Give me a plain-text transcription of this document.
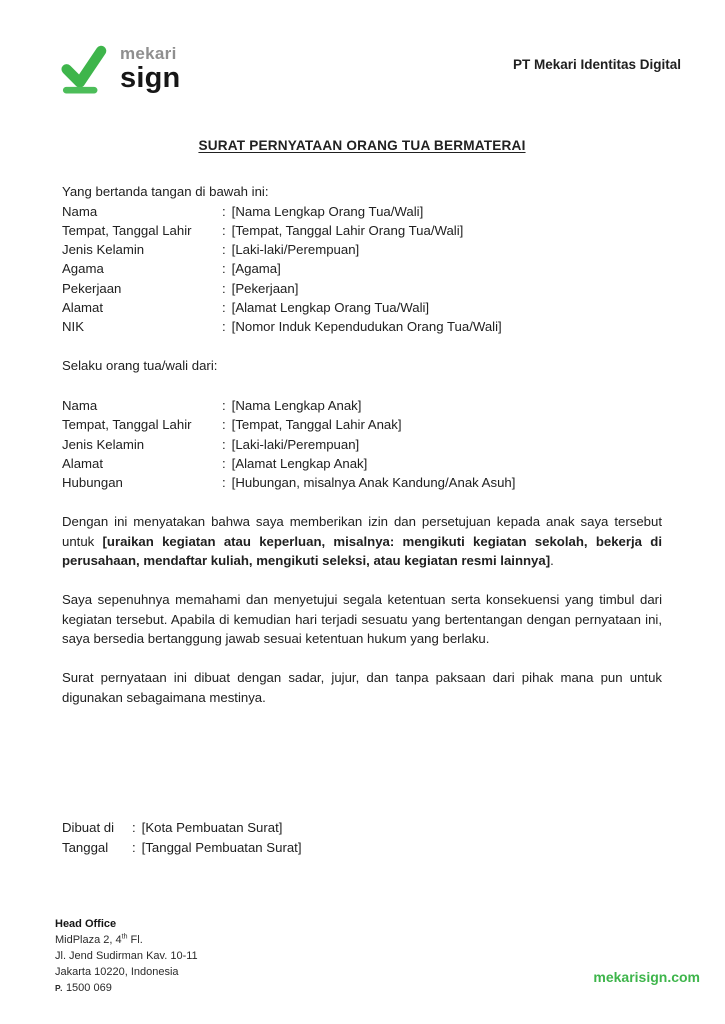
mekari
sign	PT Mekari Identitas Digital
SURAT PERNYATAAN ORANG TUA BERMATERAI

Yang bertanda tangan di bawah ini:

Nama	: [Nama Lengkap Orang Tua/Wali]
Tempat, Tanggal Lahir	: [Tempat, Tanggal Lahir Orang Tua/Wali]
Jenis Kelamin	: [Laki-laki/Perempuan]
Agama	: [Agama]
Pekerjaan	: [Pekerjaan]
Alamat	: [Alamat Lengkap Orang Tua/Wali]
NIK	: [Nomor Induk Kependudukan Orang Tua/Wali]

Selaku orang tua/wali dari:

Nama	: [Nama Lengkap Anak]
Tempat, Tanggal Lahir	: [Tempat, Tanggal Lahir Anak]
Jenis Kelamin	: [Laki-laki/Perempuan]
Alamat	: [Alamat Lengkap Anak]
Hubungan	: [Hubungan, misalnya Anak Kandung/Anak Asuh]

Dengan ini menyatakan bahwa saya memberikan izin dan persetujuan kepada anak saya tersebut untuk [uraikan kegiatan atau keperluan, misalnya: mengikuti kegiatan sekolah, bekerja di perusahaan, mendaftar kuliah, mengikuti seleksi, atau kegiatan resmi lainnya].

Saya sepenuhnya memahami dan menyetujui segala ketentuan serta konsekuensi yang timbul dari kegiatan tersebut. Apabila di kemudian hari terjadi sesuatu yang bertentangan dengan pernyataan ini, saya bersedia bertanggung jawab sesuai ketentuan hukum yang berlaku.

Surat pernyataan ini dibuat dengan sadar, jujur, dan tanpa paksaan dari pihak mana pun untuk digunakan sebagaimana mestinya.

Dibuat di	: [Kota Pembuatan Surat]
Tanggal	: [Tanggal Pembuatan Surat]
Head Office
MidPlaza 2, 4th Fl.
Jl. Jend Sudirman Kav. 10-11
Jakarta 10220, Indonesia
P. 1500 069
mekarisign.com
